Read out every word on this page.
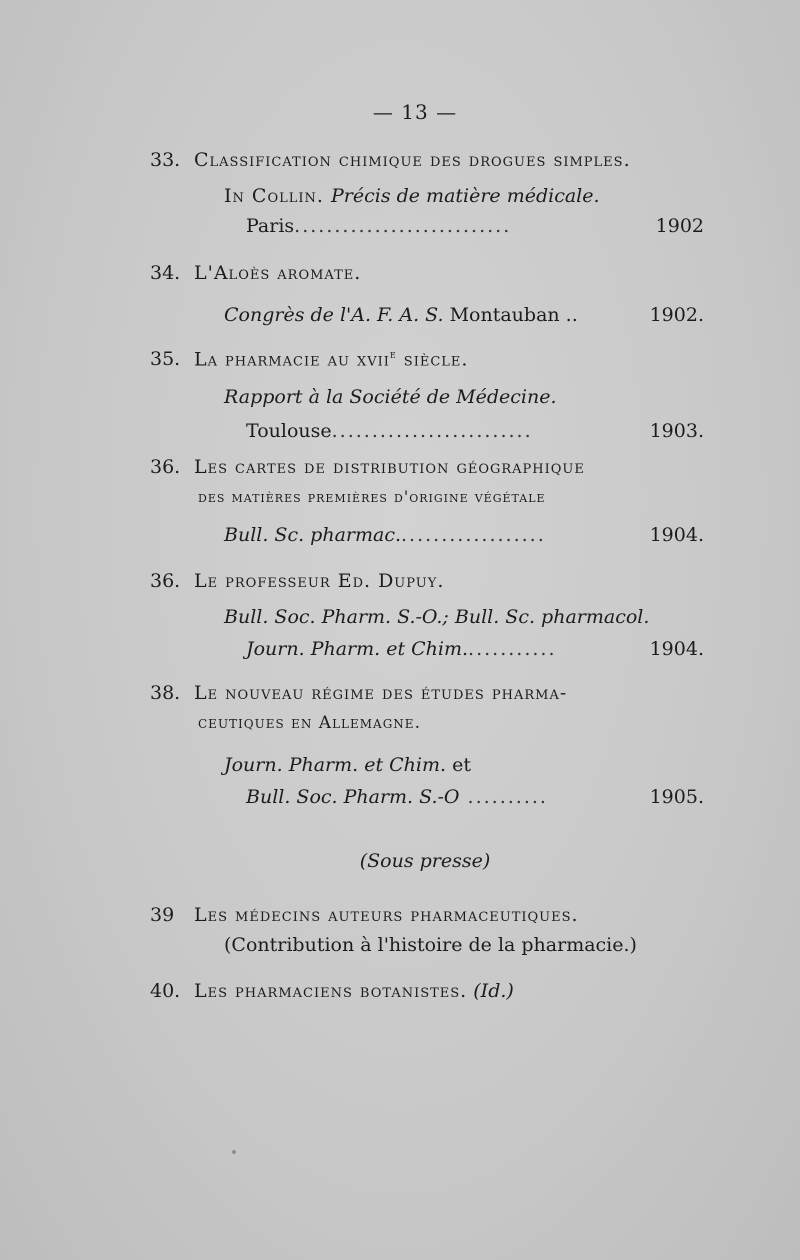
— 13 —
33. Classification chimique des drogues simples.
In Collin. Précis de matière médicale.
Paris...........................	1902
34. L'Aloès aromate.
Congrès de l'A. F. A. S. Montauban ..	1902.
35. La pharmacie au xvii$^e$ siècle.
Rapport à la Société de Médecine.
Toulouse.........................	1903.
36. Les cartes de distribution géographique
des matières premières d'origine végétale
Bull. Sc. pharmac...................	1904.
36. Le professeur Ed. Dupuy.
Bull. Soc. Pharm. S.-O.; Bull. Sc. pharmacol.
Journ. Pharm. et Chim............	1904.
38. Le nouveau régime des études pharma-
ceutiques en Allemagne.
Journ. Pharm. et Chim. et
Bull. Soc. Pharm. S.-O ..........	1905.
(Sous presse)
39 Les médecins auteurs pharmaceutiques.
(Contribution à l'histoire de la pharmacie.)
40. Les pharmaciens botanistes. (Id.)
